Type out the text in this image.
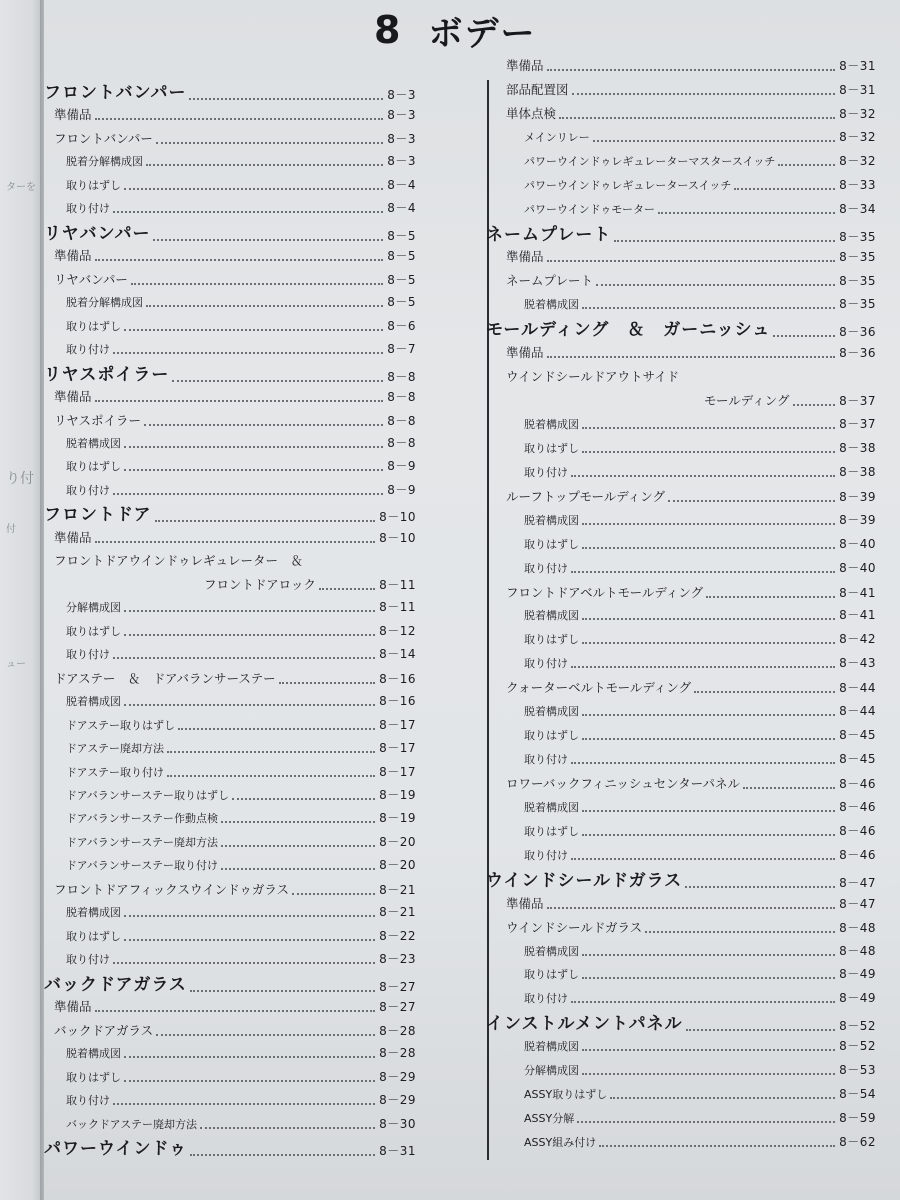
ターを
り付
付
ュー
8 ボデー
フロントバンパー	8－3
準備品	8－3
フロントバンパー	8－3
脱着分解構成図	8－3
取りはずし	8－4
取り付け	8－4
リヤバンパー	8－5
準備品	8－5
リヤバンパー	8－5
脱着分解構成図	8－5
取りはずし	8－6
取り付け	8－7
リヤスポイラー	8－8
準備品	8－8
リヤスポイラー	8－8
脱着構成図	8－8
取りはずし	8－9
取り付け	8－9
フロントドア	8－10
準備品	8－10
フロントドアウインドゥレギュレーター　＆
フロントドアロック	8－11
分解構成図	8－11
取りはずし	8－12
取り付け	8－14
ドアステー　＆　ドアバランサーステー	8－16
脱着構成図	8－16
ドアステー取りはずし	8－17
ドアステー廃却方法	8－17
ドアステー取り付け	8－17
ドアバランサーステー取りはずし	8－19
ドアバランサーステー作動点検	8－19
ドアバランサーステー廃却方法	8－20
ドアバランサーステー取り付け	8－20
フロントドアフィックスウインドゥガラス	8－21
脱着構成図	8－21
取りはずし	8－22
取り付け	8－23
バックドアガラス	8－27
準備品	8－27
バックドアガラス	8－28
脱着構成図	8－28
取りはずし	8－29
取り付け	8－29
バックドアステー廃却方法	8－30
パワーウインドゥ	8－31
準備品	8－31
部品配置図	8－31
単体点検	8－32
メインリレー	8－32
パワーウインドゥレギュレーターマスタースイッチ	8－32
パワーウインドゥレギュレータースイッチ	8－33
パワーウインドゥモーター	8－34
ネームプレート	8－35
準備品	8－35
ネームプレート	8－35
脱着構成図	8－35
モールディング　＆　ガーニッシュ	8－36
準備品	8－36
ウインドシールドアウトサイド
モールディング	8－37
脱着構成図	8－37
取りはずし	8－38
取り付け	8－38
ルーフトップモールディング	8－39
脱着構成図	8－39
取りはずし	8－40
取り付け	8－40
フロントドアベルトモールディング	8－41
脱着構成図	8－41
取りはずし	8－42
取り付け	8－43
クォーターベルトモールディング	8－44
脱着構成図	8－44
取りはずし	8－45
取り付け	8－45
ロワーバックフィニッシュセンターパネル	8－46
脱着構成図	8－46
取りはずし	8－46
取り付け	8－46
ウインドシールドガラス	8－47
準備品	8－47
ウインドシールドガラス	8－48
脱着構成図	8－48
取りはずし	8－49
取り付け	8－49
インストルメントパネル	8－52
脱着構成図	8－52
分解構成図	8－53
ASSY取りはずし	8－54
ASSY分解	8－59
ASSY組み付け	8－62
